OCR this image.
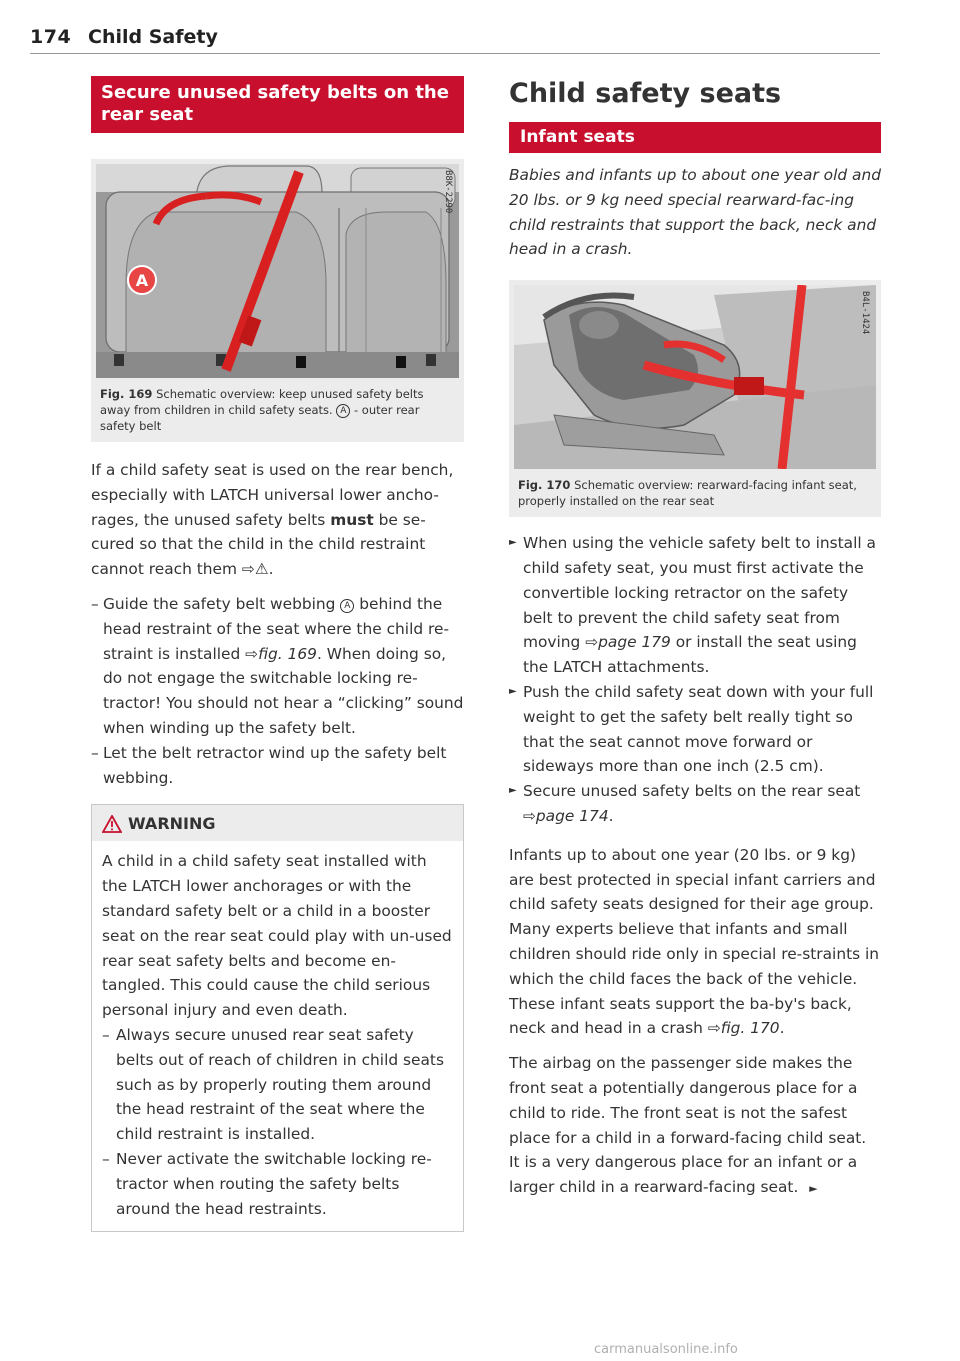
174 Child Safety
Secure unused safety belts on the rear seat
A
B8K-2290
Fig. 169 Schematic overview: keep unused safety belts away from children in child safety seats. A - outer rear safety belt

If a child safety seat is used on the rear bench, especially with LATCH universal lower ancho-rages, the unused safety belts must be se-cured so that the child in the child restraint cannot reach them ⇨⚠.

– Guide the safety belt webbing A behind the head restraint of the seat where the child re-straint is installed ⇨fig. 169. When doing so, do not engage the switchable locking re-tractor! You should not hear a “clicking” sound when winding up the safety belt.
– Let the belt retractor wind up the safety belt webbing.
WARNING

A child in a child safety seat installed with the LATCH lower anchorages or with the standard safety belt or a child in a booster seat on the rear seat could play with un-used rear seat safety belts and become en-tangled. This could cause the child serious personal injury and even death.

– Always secure unused rear seat safety belts out of reach of children in child seats such as by properly routing them around the head restraint of the seat where the child restraint is installed.
– Never activate the switchable locking re-tractor when routing the safety belts around the head restraints.
Child safety seats
Infant seats

Babies and infants up to about one year old and 20 lbs. or 9 kg need special rearward-fac-ing child restraints that support the back, neck and head in a crash.

B4L-1424
Fig. 170 Schematic overview: rearward-facing infant seat, properly installed on the rear seat
► When using the vehicle safety belt to install a child safety seat, you must first activate the convertible locking retractor on the safety belt to prevent the child safety seat from moving ⇨page 179 or install the seat using the LATCH attachments.
► Push the child safety seat down with your full weight to get the safety belt really tight so that the seat cannot move forward or sideways more than one inch (2.5 cm).
► Secure unused safety belts on the rear seat ⇨page 174.

Infants up to about one year (20 lbs. or 9 kg) are best protected in special infant carriers and child safety seats designed for their age group. Many experts believe that infants and small children should ride only in special re-straints in which the child faces the back of the vehicle. These infant seats support the ba-by's back, neck and head in a crash ⇨fig. 170.

The airbag on the passenger side makes the front seat a potentially dangerous place for a child to ride. The front seat is not the safest place for a child in a forward-facing child seat. It is a very dangerous place for an infant or a larger child in a rearward-facing seat. ►

carmanualsonline.info
